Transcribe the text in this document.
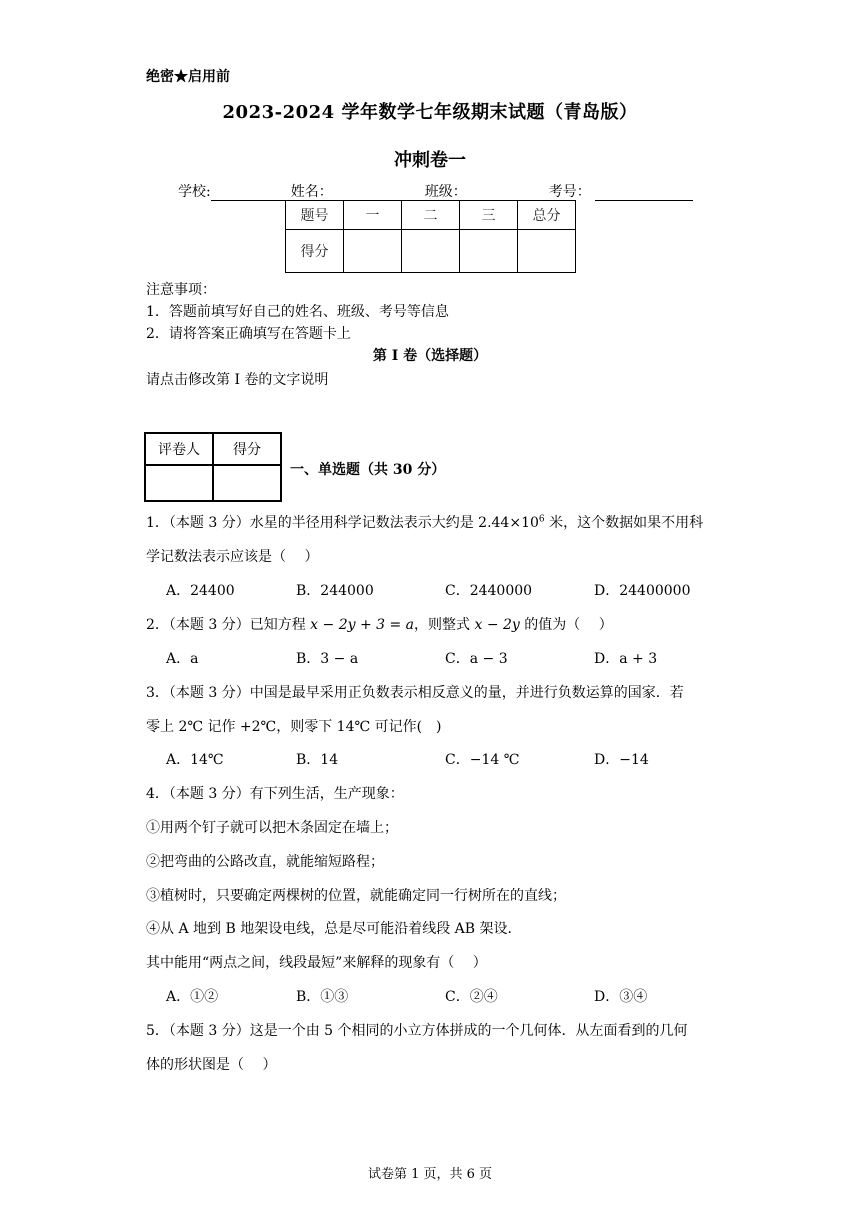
绝密★启用前
2023-2024 学年数学七年级期末试题（青岛版）
冲刺卷一
学校:	姓名：	班级：	考号：
题号	一	二	三	总分
得分				
注意事项：
1．答题前填写好自己的姓名、班级、考号等信息
2．请将答案正确填写在答题卡上
第 I 卷（选择题）
请点击修改第 I 卷的文字说明
评卷人	得分

一、单选题（共 30 分）
1．（本题 3 分）水星的半径用科学记数法表示大约是 $2.44\times 10^6$ 米，这个数据如果不用科
学记数法表示应该是（　 ）
A．24400	B．244000	C．2440000	D．24400000
2．（本题 3 分）已知方程 x − 2y + 3 = a，则整式 x − 2y 的值为（　 ）
A．a	B．3 − a	C．a − 3	D．a + 3
3．（本题 3 分）中国是最早采用正负数表示相反意义的量，并进行负数运算的国家．若
零上 2℃ 记作 +2℃，则零下 14℃ 可记作(　)
A．14℃	B．14	C．−14 ℃	D．−14
4．（本题 3 分）有下列生活，生产现象：
①用两个钉子就可以把木条固定在墙上；
②把弯曲的公路改直，就能缩短路程；
③植树时，只要确定两棵树的位置，就能确定同一行树所在的直线；
④从 A 地到 B 地架设电线，总是尽可能沿着线段 AB 架设．
其中能用“两点之间，线段最短”来解释的现象有（　 ）
A．①②	B．①③	C．②④	D．③④
5．（本题 3 分）这是一个由 5 个相同的小立方体拼成的一个几何体．从左面看到的几何
体的形状图是（　 ）
试卷第 1 页，共 6 页
